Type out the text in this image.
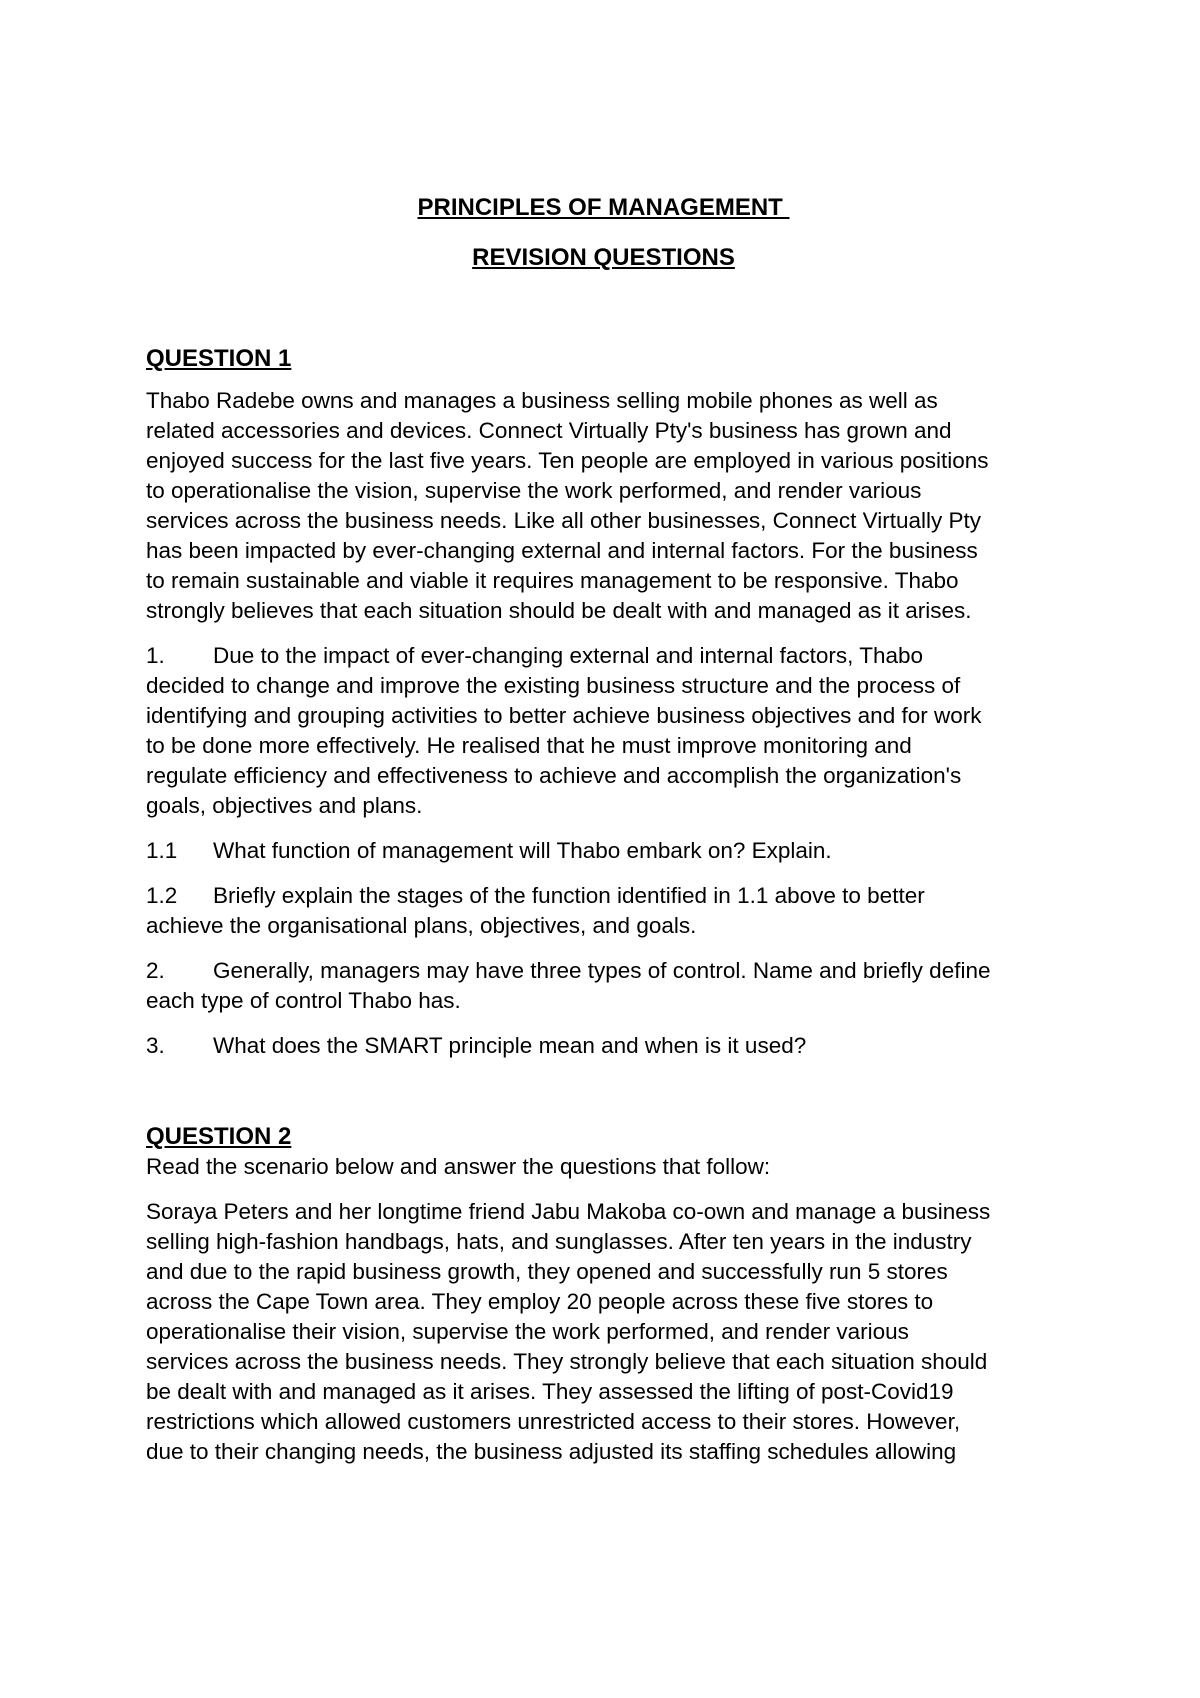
PRINCIPLES OF MANAGEMENT
REVISION QUESTIONS
QUESTION 1
Thabo Radebe owns and manages a business selling mobile phones as well as
related accessories and devices. Connect Virtually Pty's business has grown and
enjoyed success for the last five years. Ten people are employed in various positions
to operationalise the vision, supervise the work performed, and render various
services across the business needs. Like all other businesses, Connect Virtually Pty
has been impacted by ever-changing external and internal factors. For the business
to remain sustainable and viable it requires management to be responsive. Thabo
strongly believes that each situation should be dealt with and managed as it arises.
1. Due to the impact of ever-changing external and internal factors, Thabo
decided to change and improve the existing business structure and the process of
identifying and grouping activities to better achieve business objectives and for work
to be done more effectively. He realised that he must improve monitoring and
regulate efficiency and effectiveness to achieve and accomplish the organization's
goals, objectives and plans.
1.1 What function of management will Thabo embark on? Explain.
1.2 Briefly explain the stages of the function identified in 1.1 above to better
achieve the organisational plans, objectives, and goals.
2. Generally, managers may have three types of control. Name and briefly define
each type of control Thabo has.
3. What does the SMART principle mean and when is it used?
QUESTION 2

Read the scenario below and answer the questions that follow:

Soraya Peters and her longtime friend Jabu Makoba co-own and manage a business
selling high-fashion handbags, hats, and sunglasses. After ten years in the industry
and due to the rapid business growth, they opened and successfully run 5 stores
across the Cape Town area. They employ 20 people across these five stores to
operationalise their vision, supervise the work performed, and render various
services across the business needs. They strongly believe that each situation should
be dealt with and managed as it arises. They assessed the lifting of post-Covid19
restrictions which allowed customers unrestricted access to their stores. However,
due to their changing needs, the business adjusted its staffing schedules allowing
